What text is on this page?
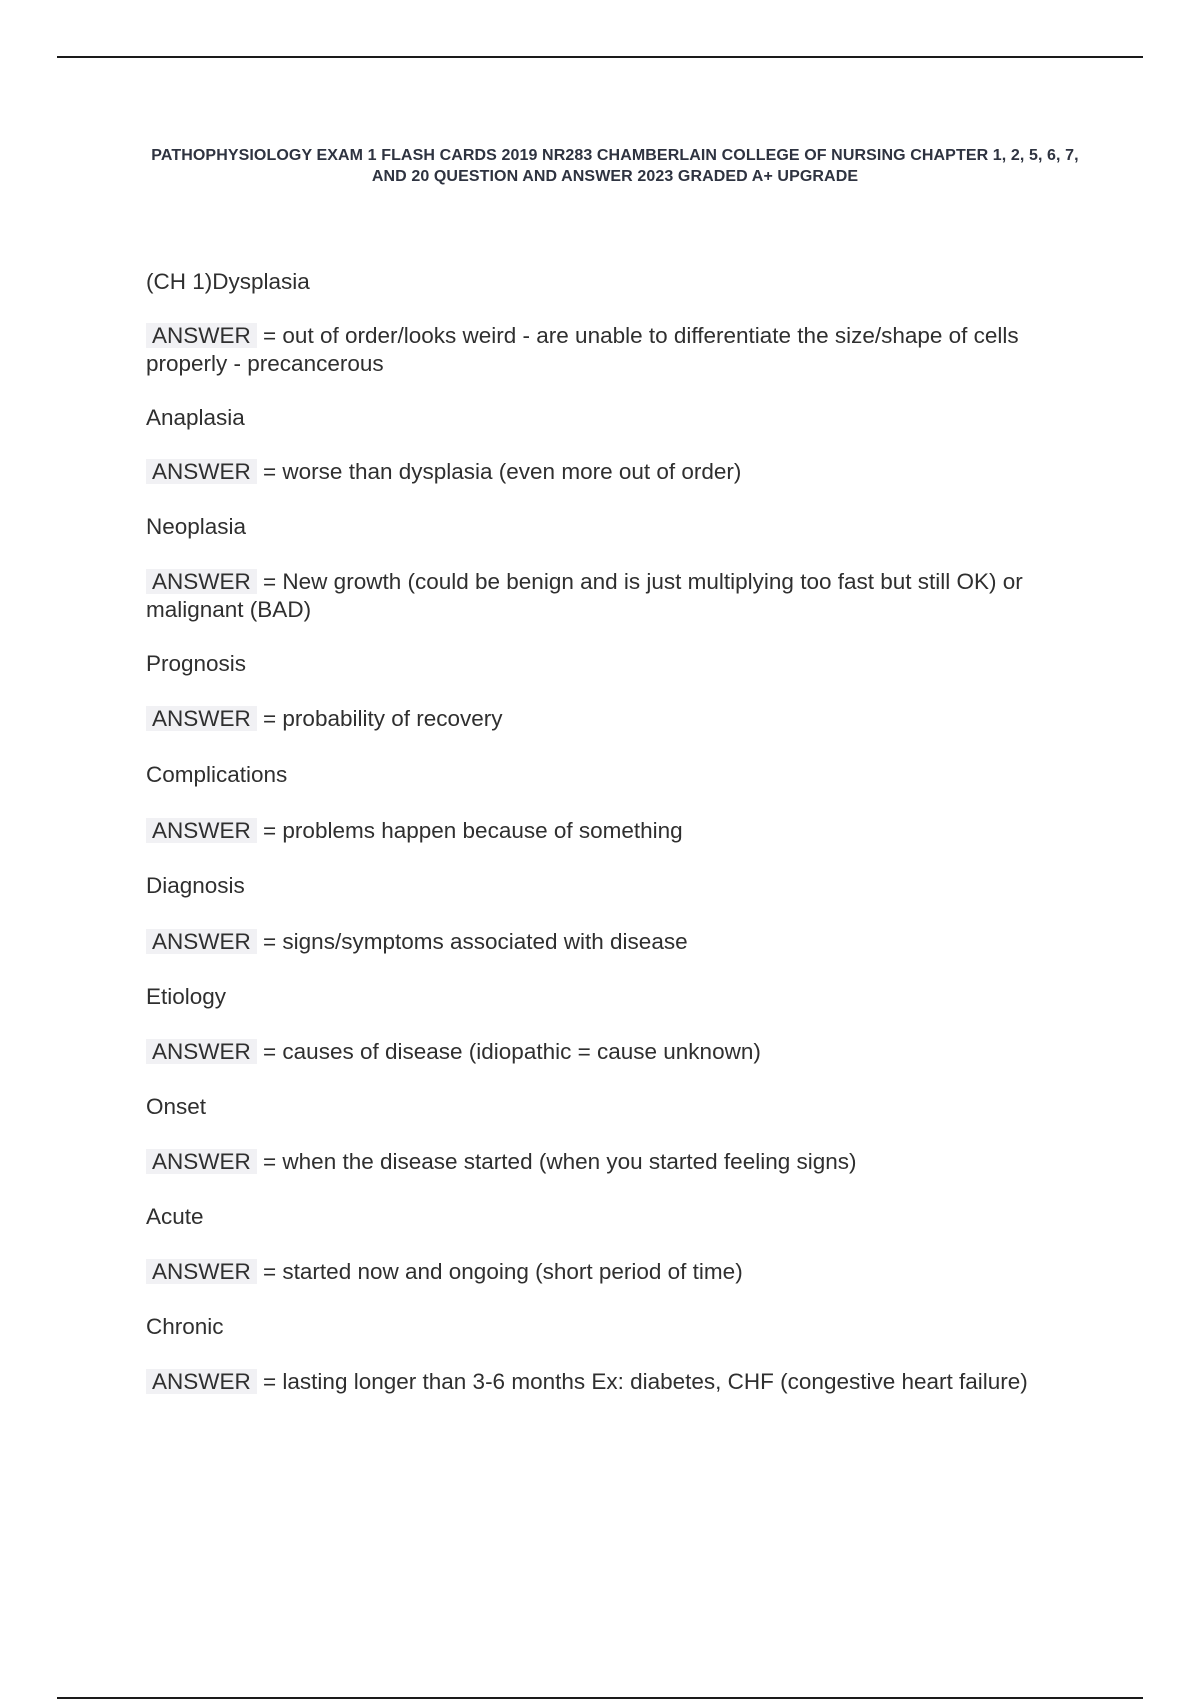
PATHOPHYSIOLOGY EXAM 1 FLASH CARDS 2019 NR283 CHAMBERLAIN COLLEGE OF NURSING CHAPTER 1, 2, 5, 6, 7, AND 20 QUESTION AND ANSWER 2023 GRADED A+ UPGRADE

(CH 1)Dysplasia

ANSWER = out of order/looks weird - are unable to differentiate the size/shape of cells properly - precancerous

Anaplasia

ANSWER = worse than dysplasia (even more out of order)

Neoplasia

ANSWER = New growth (could be benign and is just multiplying too fast but still OK) or malignant (BAD)

Prognosis

ANSWER = probability of recovery

Complications

ANSWER = problems happen because of something

Diagnosis

ANSWER = signs/symptoms associated with disease

Etiology

ANSWER = causes of disease (idiopathic = cause unknown)

Onset

ANSWER = when the disease started (when you started feeling signs)

Acute

ANSWER = started now and ongoing (short period of time)

Chronic

ANSWER = lasting longer than 3-6 months Ex: diabetes, CHF (congestive heart failure)
